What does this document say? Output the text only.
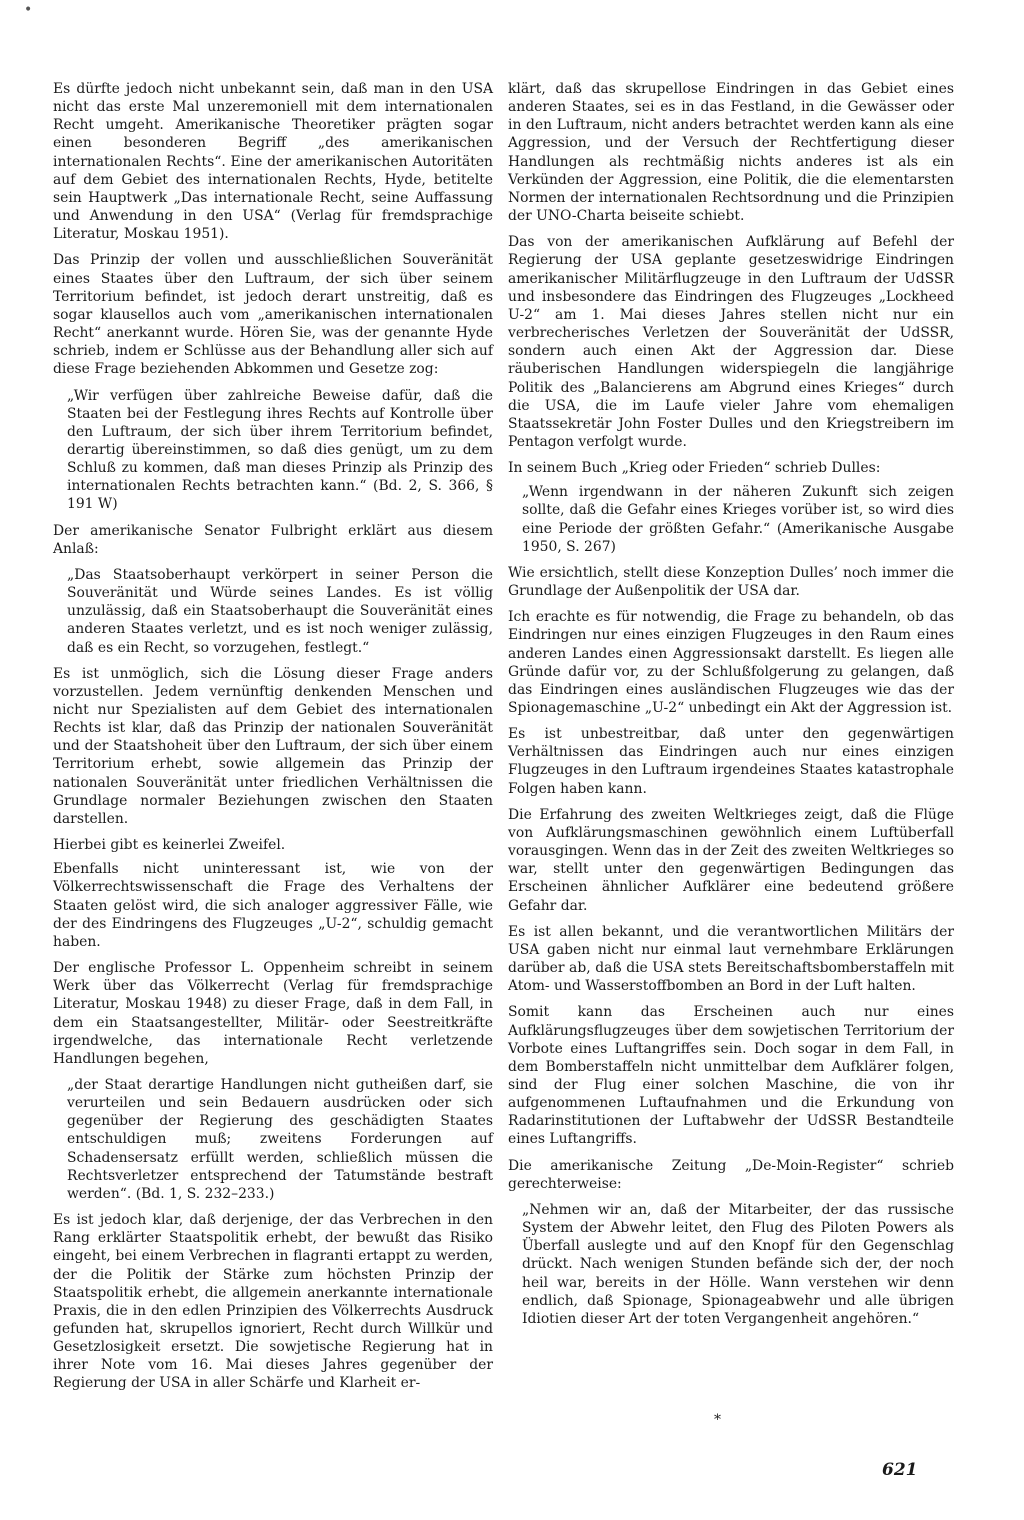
•

Es dürfte jedoch nicht unbekannt sein, daß man in den USA nicht das erste Mal unzeremoniell mit dem internationalen Recht umgeht. Amerikanische Theoretiker prägten sogar einen besonderen Begriff „des amerikanischen internationalen Rechts“. Eine der amerikanischen Autoritäten auf dem Gebiet des internationalen Rechts, Hyde, betitelte sein Hauptwerk „Das internationale Recht, seine Auffassung und Anwendung in den USA“ (Verlag für fremdsprachige Literatur, Moskau 1951).

Das Prinzip der vollen und ausschließlichen Souveränität eines Staates über den Luftraum, der sich über seinem Territorium befindet, ist jedoch derart unstreitig, daß es sogar klausellos auch vom „amerikanischen internationalen Recht“ anerkannt wurde. Hören Sie, was der genannte Hyde schrieb, indem er Schlüsse aus der Behandlung aller sich auf diese Frage beziehenden Abkommen und Gesetze zog:

„Wir verfügen über zahlreiche Beweise dafür, daß die Staaten bei der Festlegung ihres Rechts auf Kontrolle über den Luftraum, der sich über ihrem Territorium befindet, derartig übereinstimmen, so daß dies genügt, um zu dem Schluß zu kommen, daß man dieses Prinzip als Prinzip des internationalen Rechts betrachten kann.“ (Bd. 2, S. 366, § 191 W)

Der amerikanische Senator Fulbright erklärt aus diesem Anlaß:

„Das Staatsoberhaupt verkörpert in seiner Person die Souveränität und Würde seines Landes. Es ist völlig unzulässig, daß ein Staatsoberhaupt die Souveränität eines anderen Staates verletzt, und es ist noch weniger zulässig, daß es ein Recht, so vorzugehen, festlegt.“

Es ist unmöglich, sich die Lösung dieser Frage anders vorzustellen. Jedem vernünftig denkenden Menschen und nicht nur Spezialisten auf dem Gebiet des internationalen Rechts ist klar, daß das Prinzip der nationalen Souveränität und der Staatshoheit über den Luftraum, der sich über einem Territorium erhebt, sowie allgemein das Prinzip der nationalen Souveränität unter friedlichen Verhältnissen die Grundlage normaler Beziehungen zwischen den Staaten darstellen.

Hierbei gibt es keinerlei Zweifel.

Ebenfalls nicht uninteressant ist, wie von der Völkerrechtswissenschaft die Frage des Verhaltens der Staaten gelöst wird, die sich analoger aggressiver Fälle, wie der des Eindringens des Flugzeuges „U-2“, schuldig gemacht haben.

Der englische Professor L. Oppenheim schreibt in seinem Werk über das Völkerrecht (Verlag für fremdsprachige Literatur, Moskau 1948) zu dieser Frage, daß in dem Fall, in dem ein Staatsangestellter, Militär- oder Seestreitkräfte irgendwelche, das internationale Recht verletzende Handlungen begehen,

„der Staat derartige Handlungen nicht gutheißen darf, sie verurteilen und sein Bedauern ausdrücken oder sich gegenüber der Regierung des geschädigten Staates entschuldigen muß; zweitens Forderungen auf Schadensersatz erfüllt werden, schließlich müssen die Rechtsverletzer entsprechend der Tatumstände bestraft werden“. (Bd. 1, S. 232–233.)

Es ist jedoch klar, daß derjenige, der das Verbrechen in den Rang erklärter Staatspolitik erhebt, der bewußt das Risiko eingeht, bei einem Verbrechen in flagranti ertappt zu werden, der die Politik der Stärke zum höchsten Prinzip der Staatspolitik erhebt, die allgemein anerkannte internationale Praxis, die in den edlen Prinzipien des Völkerrechts Ausdruck gefunden hat, skrupellos ignoriert, Recht durch Willkür und Gesetzlosigkeit ersetzt. Die sowjetische Regierung hat in ihrer Note vom 16. Mai dieses Jahres gegenüber der Regierung der USA in aller Schärfe und Klarheit er-

klärt, daß das skrupellose Eindringen in das Gebiet eines anderen Staates, sei es in das Festland, in die Gewässer oder in den Luftraum, nicht anders betrachtet werden kann als eine Aggression, und der Versuch der Rechtfertigung dieser Handlungen als rechtmäßig nichts anderes ist als ein Verkünden der Aggression, eine Politik, die die elementarsten Normen der internationalen Rechtsordnung und die Prinzipien der UNO-Charta beiseite schiebt.

Das von der amerikanischen Aufklärung auf Befehl der Regierung der USA geplante gesetzeswidrige Eindringen amerikanischer Militärflugzeuge in den Luftraum der UdSSR und insbesondere das Eindringen des Flugzeuges „Lockheed U-2“ am 1. Mai dieses Jahres stellen nicht nur ein verbrecherisches Verletzen der Souveränität der UdSSR, sondern auch einen Akt der Aggression dar. Diese räuberischen Handlungen widerspiegeln die langjährige Politik des „Balancierens am Abgrund eines Krieges“ durch die USA, die im Laufe vieler Jahre vom ehemaligen Staatssekretär John Foster Dulles und den Kriegstreibern im Pentagon verfolgt wurde.

In seinem Buch „Krieg oder Frieden“ schrieb Dulles:

„Wenn irgendwann in der näheren Zukunft sich zeigen sollte, daß die Gefahr eines Krieges vorüber ist, so wird dies eine Periode der größten Gefahr.“ (Amerikanische Ausgabe 1950, S. 267)

Wie ersichtlich, stellt diese Konzeption Dulles’ noch immer die Grundlage der Außenpolitik der USA dar.

Ich erachte es für notwendig, die Frage zu behandeln, ob das Eindringen nur eines einzigen Flugzeuges in den Raum eines anderen Landes einen Aggressionsakt darstellt. Es liegen alle Gründe dafür vor, zu der Schlußfolgerung zu gelangen, daß das Eindringen eines ausländischen Flugzeuges wie das der Spionagemaschine „U-2“ unbedingt ein Akt der Aggression ist.

Es ist unbestreitbar, daß unter den gegenwärtigen Verhältnissen das Eindringen auch nur eines einzigen Flugzeuges in den Luftraum irgendeines Staates katastrophale Folgen haben kann.

Die Erfahrung des zweiten Weltkrieges zeigt, daß die Flüge von Aufklärungsmaschinen gewöhnlich einem Luftüberfall vorausgingen. Wenn das in der Zeit des zweiten Weltkrieges so war, stellt unter den gegenwärtigen Bedingungen das Erscheinen ähnlicher Aufklärer eine bedeutend größere Gefahr dar.

Es ist allen bekannt, und die verantwortlichen Militärs der USA gaben nicht nur einmal laut vernehmbare Erklärungen darüber ab, daß die USA stets Bereitschaftsbomberstaffeln mit Atom- und Wasserstoffbomben an Bord in der Luft halten.

Somit kann das Erscheinen auch nur eines Aufklärungsflugzeuges über dem sowjetischen Territorium der Vorbote eines Luftangriffes sein. Doch sogar in dem Fall, in dem Bomberstaffeln nicht unmittelbar dem Aufklärer folgen, sind der Flug einer solchen Maschine, die von ihr aufgenommenen Luftaufnahmen und die Erkundung von Radarinstitutionen der Luftabwehr der UdSSR Bestandteile eines Luftangriffs.

Die amerikanische Zeitung „De-Moin-Register“ schrieb gerechterweise:

„Nehmen wir an, daß der Mitarbeiter, der das russische System der Abwehr leitet, den Flug des Piloten Powers als Überfall auslegte und auf den Knopf für den Gegenschlag drückt. Nach wenigen Stunden befände sich der, der noch heil war, bereits in der Hölle. Wann verstehen wir denn endlich, daß Spionage, Spionageabwehr und alle übrigen Idiotien dieser Art der toten Vergangenheit angehören.“

*
621
